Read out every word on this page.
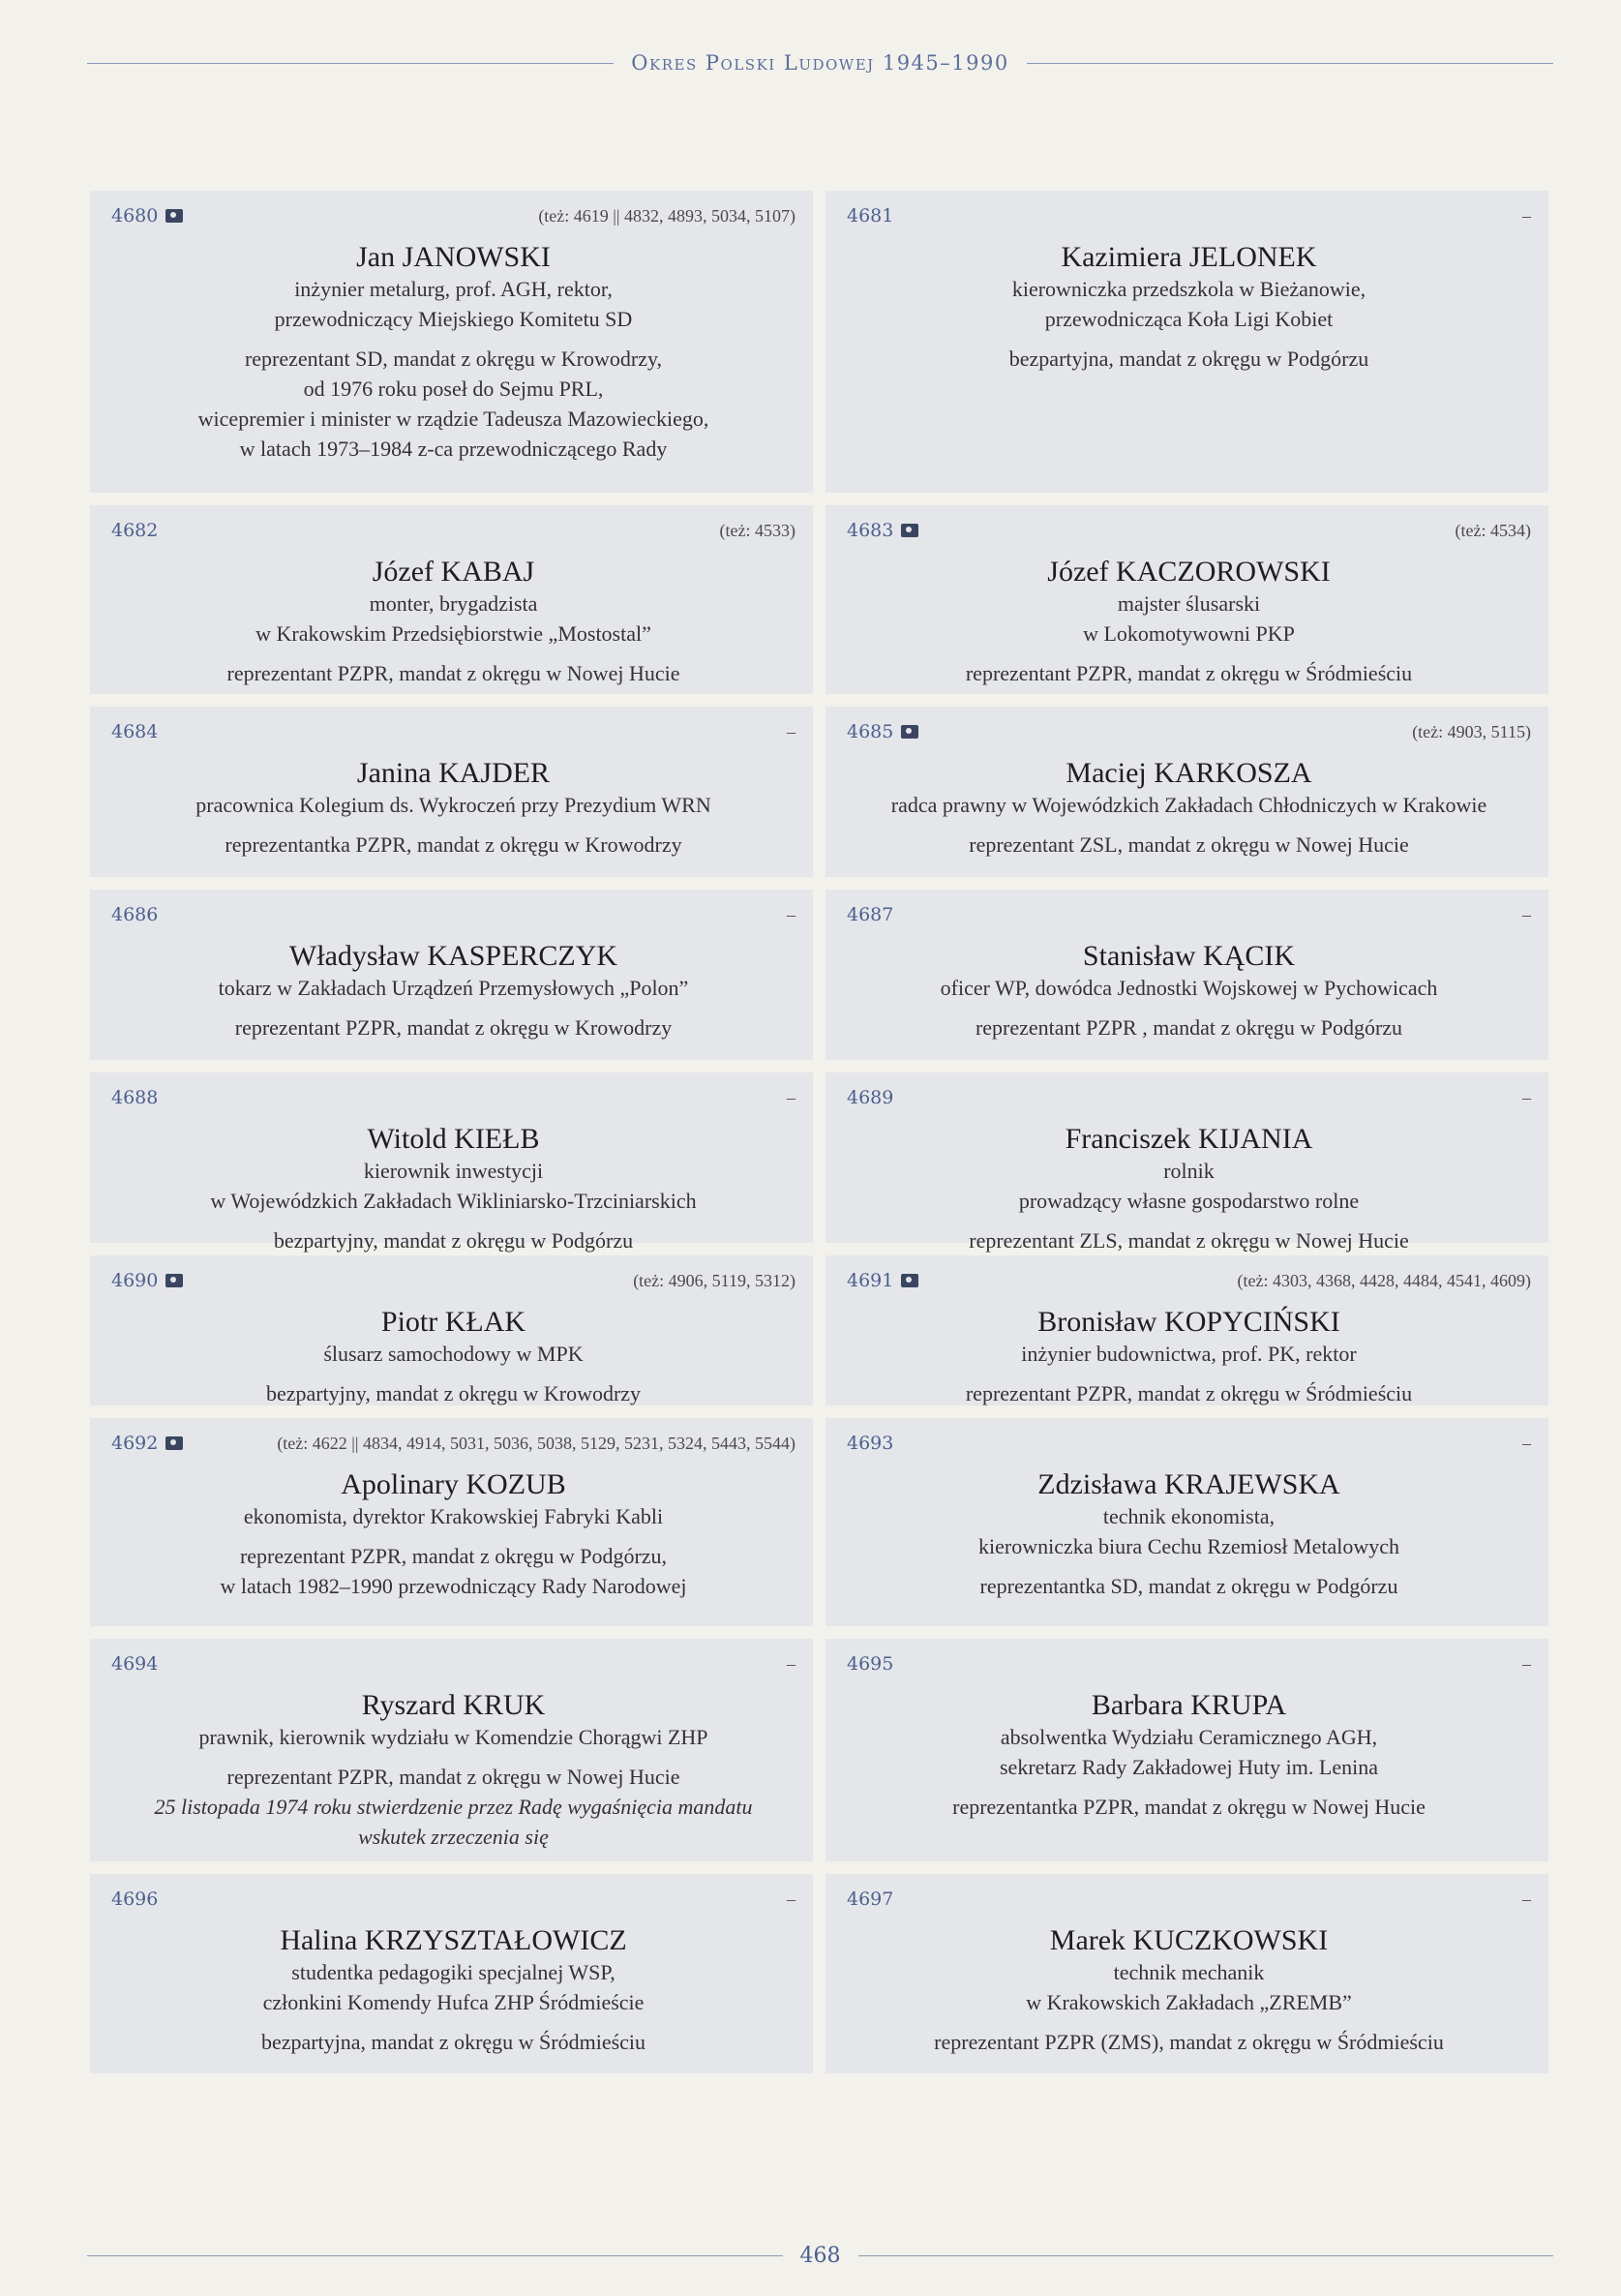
Okres Polski Ludowej 1945–1990
4680	(też: 4619 || 4832, 4893, 5034, 5107)
Jan JANOWSKI
inżynier metalurg, prof. AGH, rektor,
przewodniczący Miejskiego Komitetu SD
reprezentant SD, mandat z okręgu w Krowodrzy,
od 1976 roku poseł do Sejmu PRL,
wicepremier i minister w rządzie Tadeusza Mazowieckiego,
w latach 1973–1984 z-ca przewodniczącego Rady
4681	–
Kazimiera JELONEK
kierowniczka przedszkola w Bieżanowie,
przewodnicząca Koła Ligi Kobiet
bezpartyjna, mandat z okręgu w Podgórzu
4682	(też: 4533)
Józef KABAJ
monter, brygadzista
w Krakowskim Przedsiębiorstwie „Mostostal”
reprezentant PZPR, mandat z okręgu w Nowej Hucie
4683	(też: 4534)
Józef KACZOROWSKI
majster ślusarski
w Lokomotywowni PKP
reprezentant PZPR, mandat z okręgu w Śródmieściu
4684	–
Janina KAJDER
pracownica Kolegium ds. Wykroczeń przy Prezydium WRN
reprezentantka PZPR, mandat z okręgu w Krowodrzy
4685	(też: 4903, 5115)
Maciej KARKOSZA
radca prawny w Wojewódzkich Zakładach Chłodniczych w Krakowie
reprezentant ZSL, mandat z okręgu w Nowej Hucie
4686	–
Władysław KASPERCZYK
tokarz w Zakładach Urządzeń Przemysłowych „Polon”
reprezentant PZPR, mandat z okręgu w Krowodrzy
4687	–
Stanisław KĄCIK
oficer WP, dowódca Jednostki Wojskowej w Pychowicach
reprezentant PZPR , mandat z okręgu w Podgórzu
4688	–
Witold KIEŁB
kierownik inwestycji
w Wojewódzkich Zakładach Wikliniarsko-Trzciniarskich
bezpartyjny, mandat z okręgu w Podgórzu
4689	–
Franciszek KIJANIA
rolnik
prowadzący własne gospodarstwo rolne
reprezentant ZLS, mandat z okręgu w Nowej Hucie
4690	(też: 4906, 5119, 5312)
Piotr KŁAK
ślusarz samochodowy w MPK
bezpartyjny, mandat z okręgu w Krowodrzy
4691	(też: 4303, 4368, 4428, 4484, 4541, 4609)
Bronisław KOPYCIŃSKI
inżynier budownictwa, prof. PK, rektor
reprezentant PZPR, mandat z okręgu w Śródmieściu
4692	(też: 4622 || 4834, 4914, 5031, 5036, 5038, 5129, 5231, 5324, 5443, 5544)
Apolinary KOZUB
ekonomista, dyrektor Krakowskiej Fabryki Kabli
reprezentant PZPR, mandat z okręgu w Podgórzu,
w latach 1982–1990 przewodniczący Rady Narodowej
4693	–
Zdzisława KRAJEWSKA
technik ekonomista,
kierowniczka biura Cechu Rzemiosł Metalowych
reprezentantka SD, mandat z okręgu w Podgórzu
4694	–
Ryszard KRUK
prawnik, kierownik wydziału w Komendzie Chorągwi ZHP
reprezentant PZPR, mandat z okręgu w Nowej Hucie
25 listopada 1974 roku stwierdzenie przez Radę wygaśnięcia mandatu
wskutek zrzeczenia się
4695	–
Barbara KRUPA
absolwentka Wydziału Ceramicznego AGH,
sekretarz Rady Zakładowej Huty im. Lenina
reprezentantka PZPR, mandat z okręgu w Nowej Hucie
4696	–
Halina KRZYSZTAŁOWICZ
studentka pedagogiki specjalnej WSP,
członkini Komendy Hufca ZHP Śródmieście
bezpartyjna, mandat z okręgu w Śródmieściu
4697	–
Marek KUCZKOWSKI
technik mechanik
w Krakowskich Zakładach „ZREMB”
reprezentant PZPR (ZMS), mandat z okręgu w Śródmieściu
468
